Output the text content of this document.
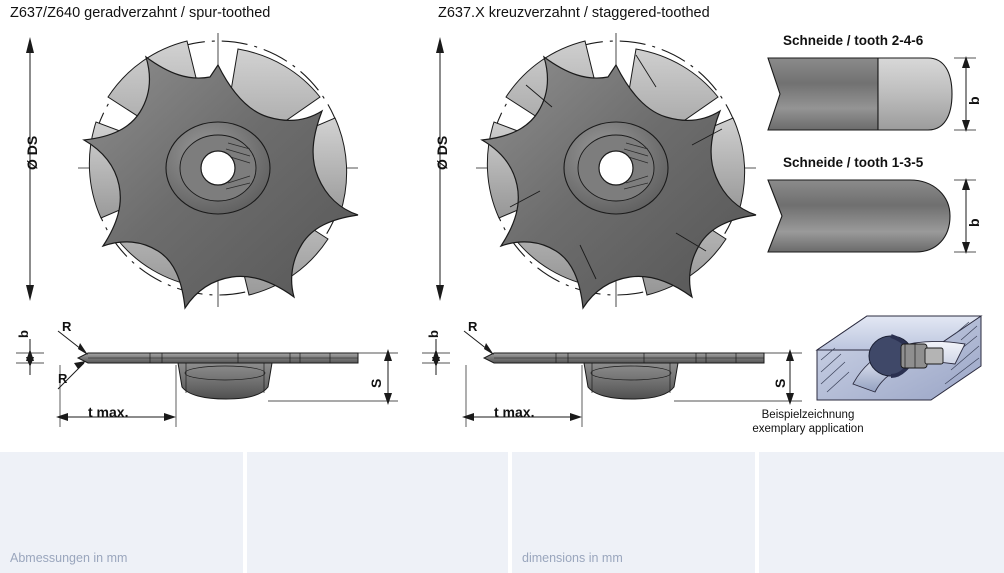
Z637/Z640 geradverzahnt / spur-toothed	Z637.X kreuzverzahnt / staggered-toothed
Schneide / tooth 2-4-6
Schneide / tooth 1-3-5
Ø DS	Ø DS
b
b
b
R
R	S
t max.
b
R
S
t max.	Beispielzeichnung
exemplary application
Abmessungen in mm	dimensions in mm
